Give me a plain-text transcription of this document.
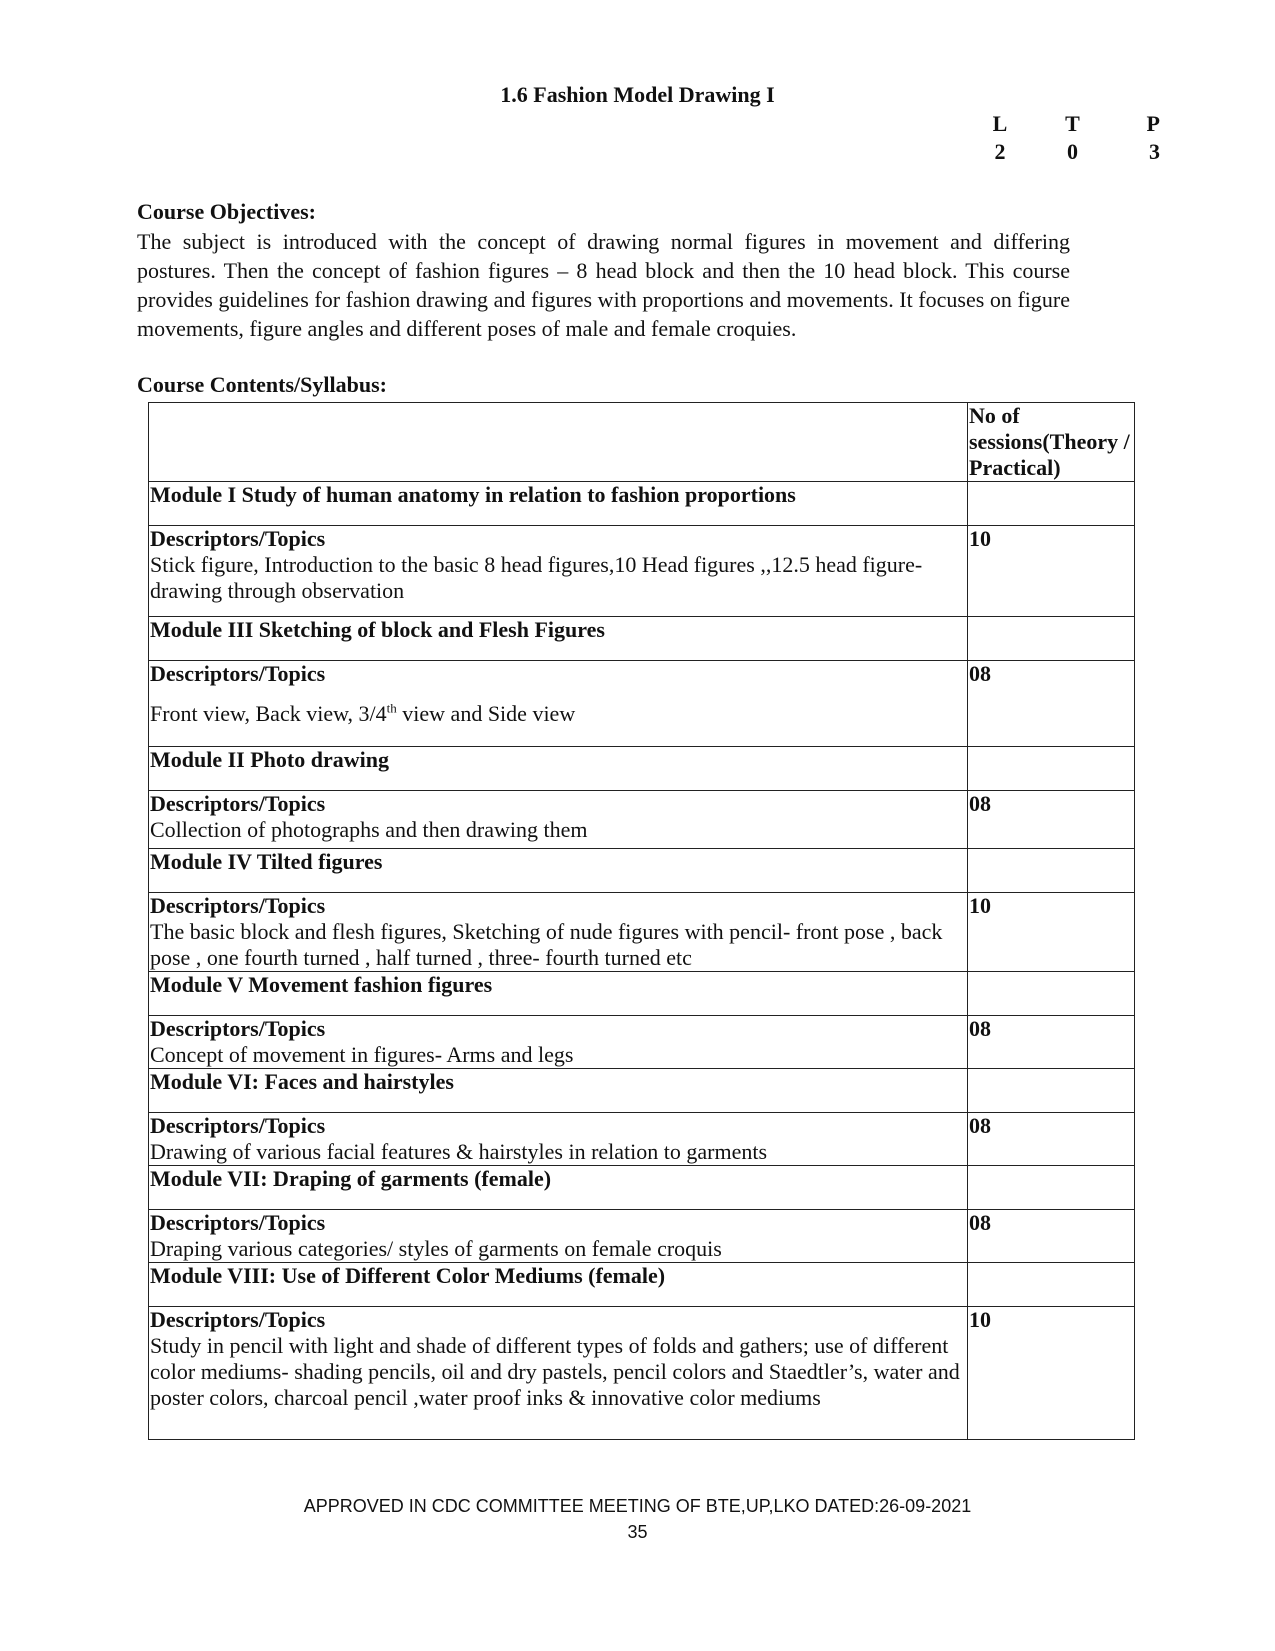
1.6 Fashion Model Drawing I
L	T	P
2	0	3
Course Objectives:

The subject is introduced with the concept of drawing normal figures in movement and differing postures. Then the concept of fashion figures – 8 head block and then the 10 head block. This course provides guidelines for fashion drawing and figures with proportions and movements. It focuses on figure movements, figure angles and different poses of male and female croquies.

Course Contents/Syllabus:
	No of sessions(Theory / Practical)
Module I Study of human anatomy in relation to fashion proportions	

Descriptors/Topics
Stick figure, Introduction to the basic 8 head figures,10 Head figures ,,12.5 head figure-drawing through observation	10
Module III Sketching of block and Flesh Figures	

Descriptors/Topics
Front view, Back view, 3/4th view and Side view	08
Module II Photo drawing	

Descriptors/Topics
Collection of photographs and then drawing them	08
Module IV Tilted figures	

Descriptors/Topics
The basic block and flesh figures, Sketching of nude figures with pencil- front pose , back pose , one fourth turned , half turned , three- fourth turned etc	10
Module V Movement fashion figures	

Descriptors/Topics
Concept of movement in figures- Arms and legs	08
Module VI: Faces and hairstyles	

Descriptors/Topics
Drawing of various facial features & hairstyles in relation to garments	08
Module VII: Draping of garments (female)	

Descriptors/Topics
Draping various categories/ styles of garments on female croquis	08
Module VIII: Use of Different Color Mediums (female)	

Descriptors/Topics
Study in pencil with light and shade of different types of folds and gathers; use of different color mediums- shading pencils, oil and dry pastels, pencil colors and Staedtler’s, water and poster colors, charcoal pencil ,water proof inks & innovative color mediums	10
APPROVED IN CDC COMMITTEE MEETING OF BTE,UP,LKO DATED:26-09-2021
35
